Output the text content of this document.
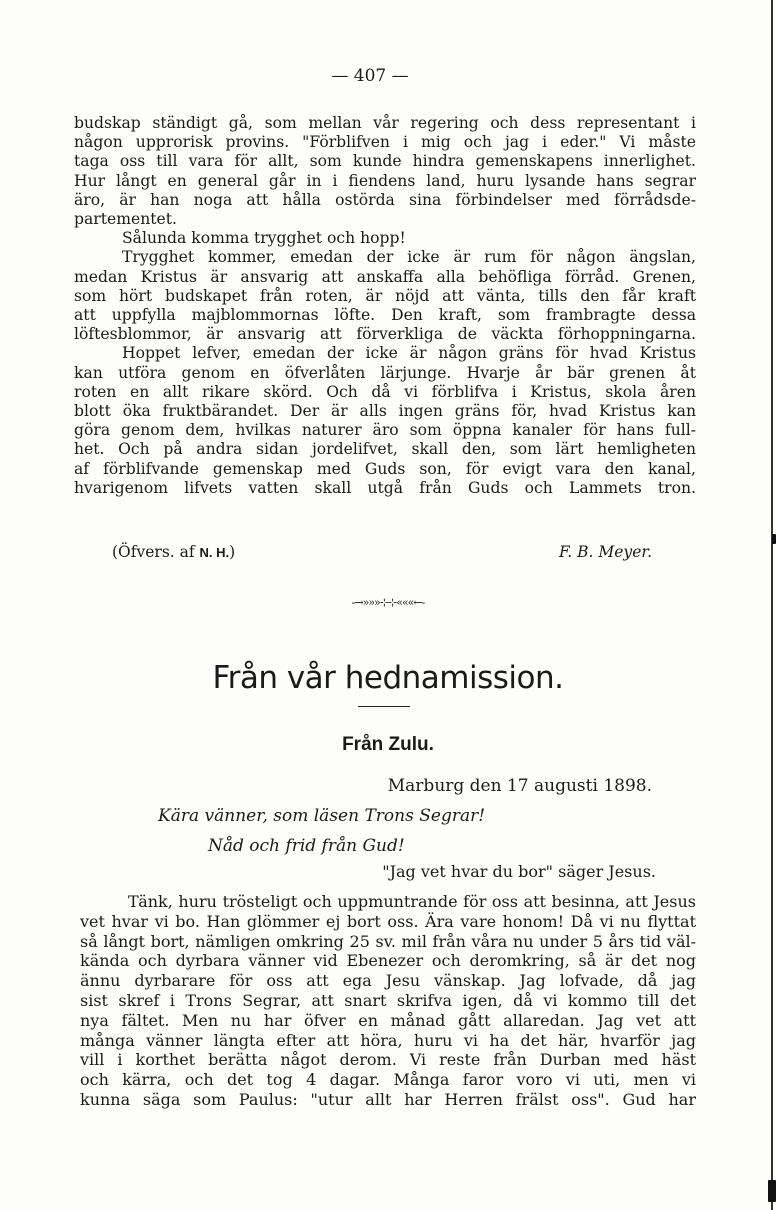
— 407 —

budskap ständigt gå, som mellan vår regering och dess representant i

någon upprorisk provins. "Förblifven i mig och jag i eder." Vi måste

taga oss till vara för allt, som kunde hindra gemenskapens innerlighet.

Hur långt en general går in i fiendens land, huru lysande hans segrar

äro, är han noga att hålla ostörda sina förbindelser med förrådsde-

partementet.

Sålunda komma trygghet och hopp!

Trygghet kommer, emedan der icke är rum för någon ängslan,

medan Kristus är ansvarig att anskaffa alla behöfliga förråd. Grenen,

som hört budskapet från roten, är nöjd att vänta, tills den får kraft

att uppfylla majblommornas löfte. Den kraft, som frambragte dessa

löftesblommor, är ansvarig att förverkliga de väckta förhoppningarna.

Hoppet lefver, emedan der icke är någon gräns för hvad Kristus

kan utföra genom en öfverlåten lärjunge. Hvarje år bär grenen åt

roten en allt rikare skörd. Och då vi förblifva i Kristus, skola åren

blott öka fruktbärandet. Der är alls ingen gräns för, hvad Kristus kan

göra genom dem, hvilkas naturer äro som öppna kanaler för hans full-

het. Och på andra sidan jordelifvet, skall den, som lärt hemligheten

af förblifvande gemenskap med Guds son, för evigt vara den kanal,

hvarigenom lifvets vatten skall utgå från Guds och Lammets tron.

(Öfvers. af N. H.)	F. B. Meyer.
-→»»»⊹⊹«««←-
Från vår hednamission.
Från Zulu.
Marburg den 17 augusti 1898.
Kära vänner, som läsen Trons Segrar!
Nåd och frid från Gud!
"Jag vet hvar du bor" säger Jesus.

Tänk, huru trösteligt och uppmuntrande för oss att besinna, att Jesus

vet hvar vi bo. Han glömmer ej bort oss. Ära vare honom! Då vi nu flyttat

så långt bort, nämligen omkring 25 sv. mil från våra nu under 5 års tid väl-

kända och dyrbara vänner vid Ebenezer och deromkring, så är det nog

ännu dyrbarare för oss att ega Jesu vänskap. Jag lofvade, då jag

sist skref i Trons Segrar, att snart skrifva igen, då vi kommo till det

nya fältet. Men nu har öfver en månad gått allaredan. Jag vet att

många vänner längta efter att höra, huru vi ha det här, hvarför jag

vill i korthet berätta något derom. Vi reste från Durban med häst

och kärra, och det tog 4 dagar. Många faror voro vi uti, men vi

kunna säga som Paulus: "utur allt har Herren frälst oss". Gud har
